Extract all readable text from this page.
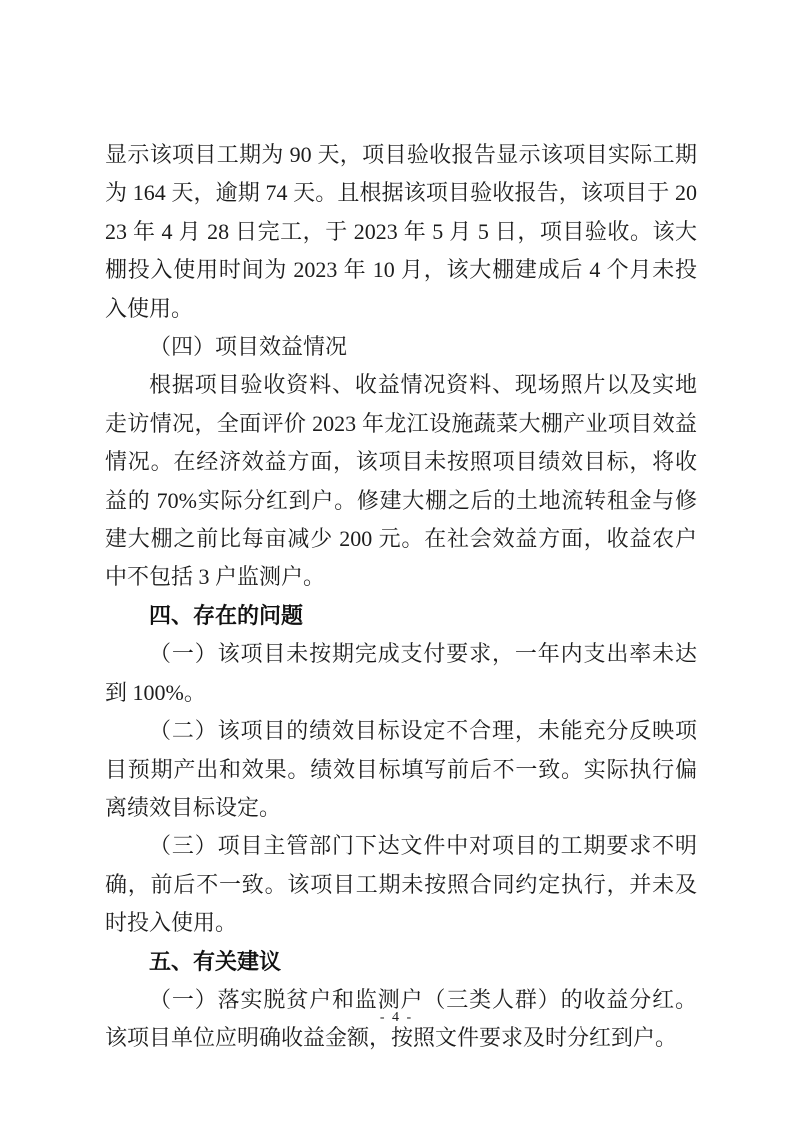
显示该项目工期为 90 天，项目验收报告显示该项目实际工期为 164 天，逾期 74 天。且根据该项目验收报告，该项目于 2023 年 4 月 28 日完工，于 2023 年 5 月 5 日，项目验收。该大棚投入使用时间为 2023 年 10 月，该大棚建成后 4 个月未投入使用。

（四）项目效益情况

根据项目验收资料、收益情况资料、现场照片以及实地走访情况，全面评价 2023 年龙江设施蔬菜大棚产业项目效益情况。在经济效益方面，该项目未按照项目绩效目标，将收益的 70%实际分红到户。修建大棚之后的土地流转租金与修建大棚之前比每亩减少 200 元。在社会效益方面，收益农户中不包括 3 户监测户。

四、存在的问题

（一）该项目未按期完成支付要求，一年内支出率未达到 100%。

（二）该项目的绩效目标设定不合理，未能充分反映项目预期产出和效果。绩效目标填写前后不一致。实际执行偏离绩效目标设定。

（三）项目主管部门下达文件中对项目的工期要求不明确，前后不一致。该项目工期未按照合同约定执行，并未及时投入使用。

五、有关建议

（一）落实脱贫户和监测户（三类人群）的收益分红。该项目单位应明确收益金额，按照文件要求及时分红到户。

- 4 -
